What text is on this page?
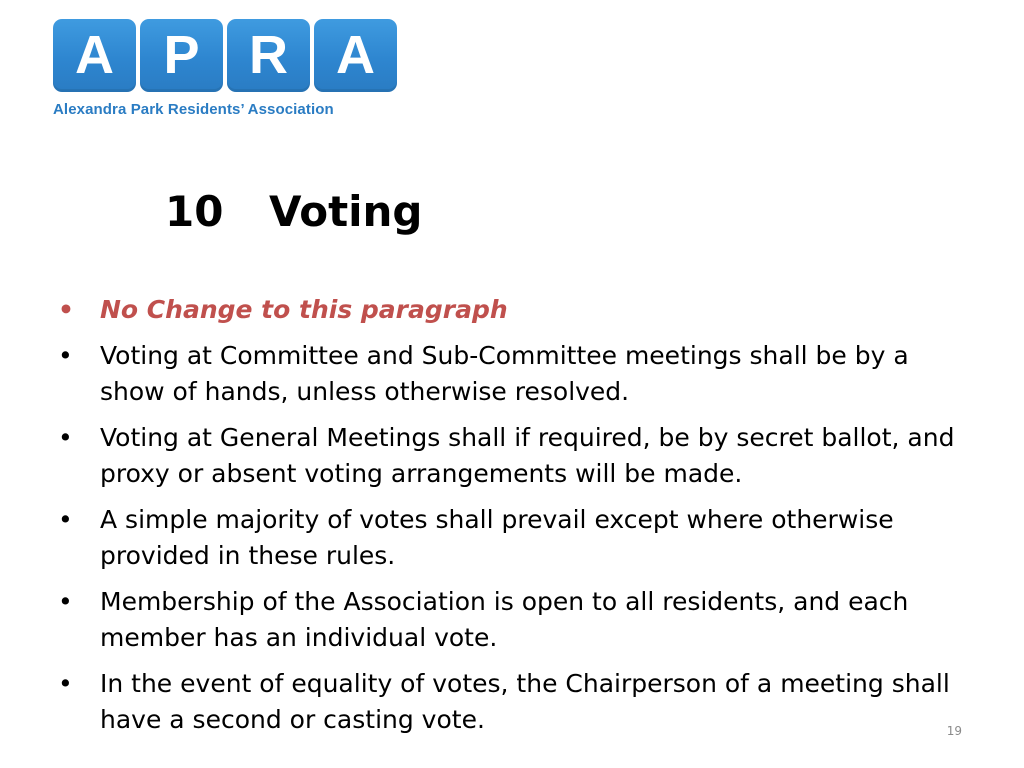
A P R A
Alexandra Park Residents’ Association
10 Voting
• No Change to this paragraph
• Voting at Committee and Sub-Committee meetings shall be by a show of hands, unless otherwise resolved.
• Voting at General Meetings shall if required, be by secret ballot, and proxy or absent voting arrangements will be made.
• A simple majority of votes shall prevail except where otherwise provided in these rules.
• Membership of the Association is open to all residents, and each member has an individual vote.
• In the event of equality of votes, the Chairperson of a meeting shall have a second or casting vote.	19
